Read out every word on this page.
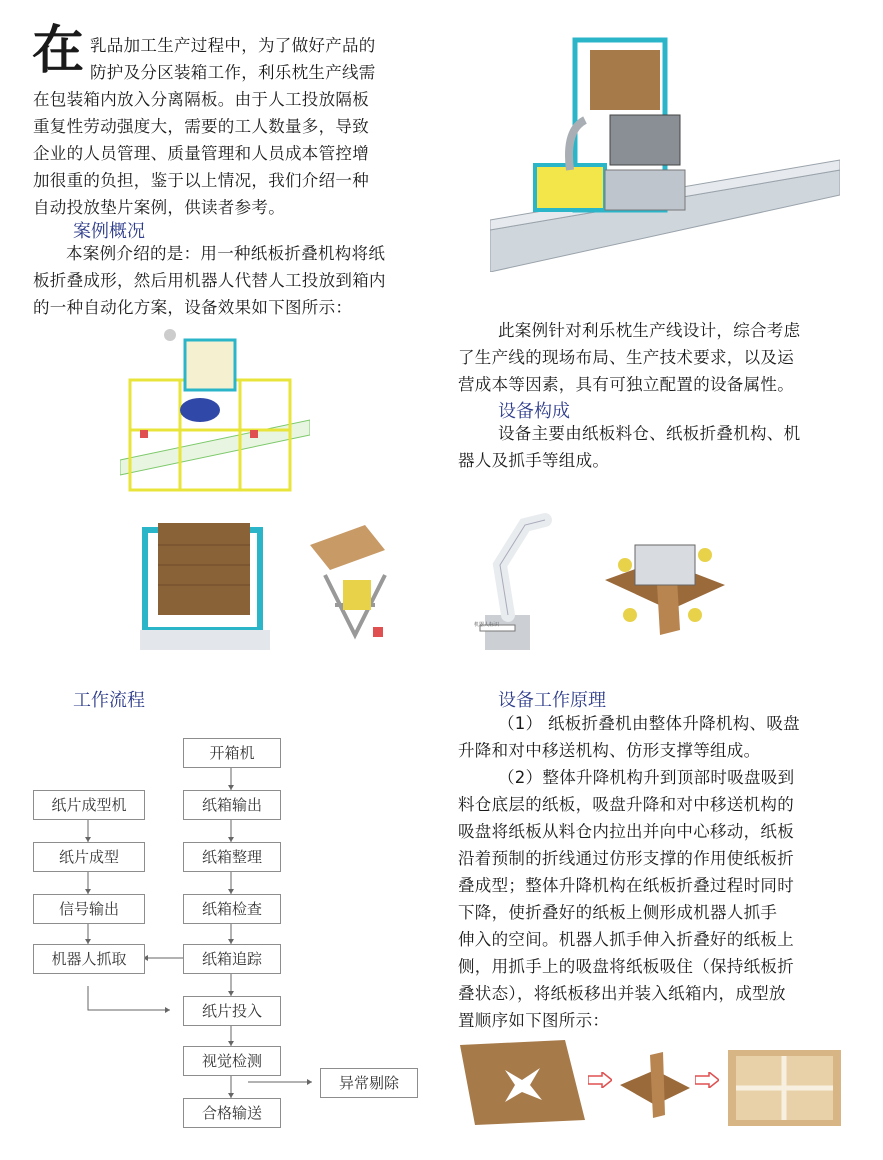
在 乳品加工生产过程中，为了做好产品的
防护及分区装箱工作，利乐枕生产线需
在包装箱内放入分离隔板。由于人工投放隔板
重复性劳动强度大，需要的工人数量多，导致
企业的人员管理、质量管理和人员成本管控增
加很重的负担，鉴于以上情况，我们介绍一种
自动投放垫片案例，供读者参考。
案例概况
本案例介绍的是：用一种纸板折叠机构将纸
板折叠成形，然后用机器人代替人工投放到箱内
的一种自动化方案，设备效果如下图所示：
此案例针对利乐枕生产线设计，综合考虑
了生产线的现场布局、生产技术要求，以及运
营成本等因素，具有可独立配置的设备属性。
设备构成
设备主要由纸板料仓、纸板折叠机构、机
器人及抓手等组成。
机器人标识
工作流程
开箱机
纸箱输出
纸箱整理
纸箱检查
纸箱追踪
纸片投入
视觉检测
合格输送
纸片成型机
纸片成型
信号输出
机器人抓取
异常剔除
设备工作原理
（1） 纸板折叠机由整体升降机构、吸盘
升降和对中移送机构、仿形支撑等组成。
（2）整体升降机构升到顶部时吸盘吸到
料仓底层的纸板，吸盘升降和对中移送机构的
吸盘将纸板从料仓内拉出并向中心移动，纸板
沿着预制的折线通过仿形支撑的作用使纸板折
叠成型；整体升降机构在纸板折叠过程时同时
下降，使折叠好的纸板上侧形成机器人抓手
伸入的空间。机器人抓手伸入折叠好的纸板上
侧，用抓手上的吸盘将纸板吸住（保持纸板折
叠状态），将纸板移出并装入纸箱内，成型放
置顺序如下图所示：
